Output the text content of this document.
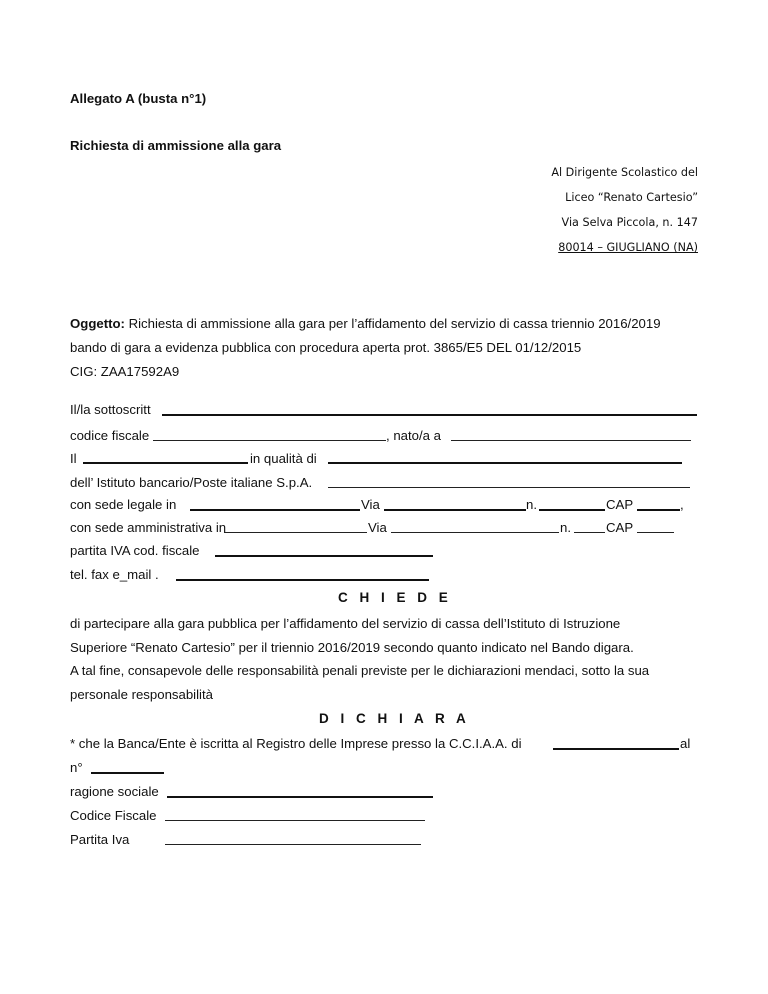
Allegato A (busta n°1)
Richiesta di ammissione alla gara
Al Dirigente Scolastico del
Liceo “Renato Cartesio”
Via Selva Piccola, n. 147
80014 – GIUGLIANO (NA)
Oggetto: Richiesta di ammissione alla gara per l’affidamento del servizio di cassa triennio 2016/2019
bando di gara a evidenza pubblica con procedura aperta prot. 3865/E5 DEL 01/12/2015
CIG: ZAA17592A9
Il/la sottoscritt
codice fiscale	, nato/a a
Il	in qualità di
dell’ Istituto bancario/Poste italiane S.p.A.
con sede legale in	Via	n.	CAP	,
con sede amministrativa in	Via	n.	CAP
partita IVA cod. fiscale
tel. fax e_mail .
C H I E D E
di partecipare alla gara pubblica per l’affidamento del servizio di cassa dell’Istituto di Istruzione
Superiore “Renato Cartesio” per il triennio 2016/2019 secondo quanto indicato nel Bando digara.
A tal fine, consapevole delle responsabilità penali previste per le dichiarazioni mendaci, sotto la sua
personale responsabilità
D I C H I A R A
* che la Banca/Ente è iscritta al Registro delle Imprese presso la C.C.I.A.A. di	al
n°
ragione sociale
Codice Fiscale
Partita Iva
